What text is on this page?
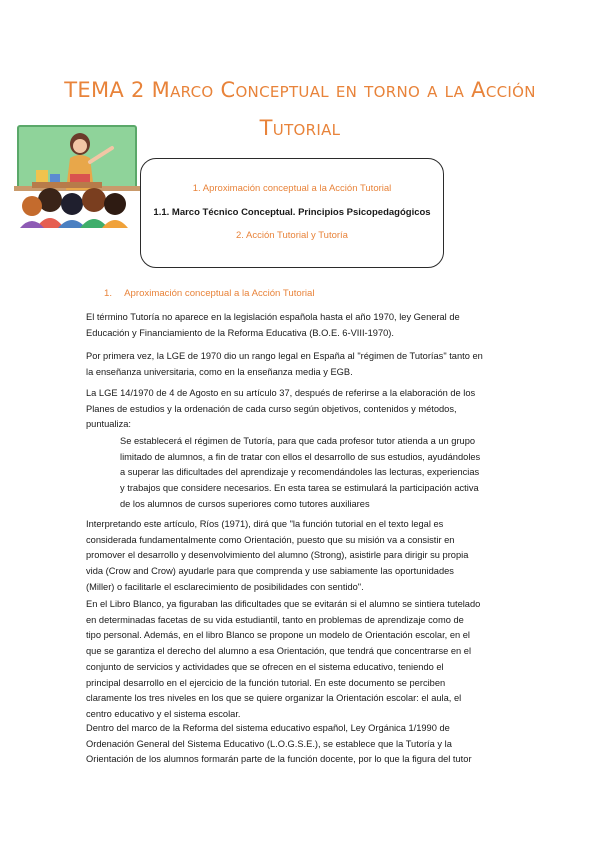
TEMA 2 Marco Conceptual en torno a la Acción
Tutorial
1. Aproximación conceptual a la Acción Tutorial
1.1. Marco Técnico Conceptual. Principios Psicopedagógicos
2. Acción Tutorial y Tutoría
1. Aproximación conceptual a la Acción Tutorial

El término Tutoría no aparece en la legislación española hasta el año 1970, ley General de
Educación y Financiamiento de la Reforma Educativa (B.O.E. 6-VIII-1970).

Por primera vez, la LGE de 1970 dio un rango legal en España al "régimen de Tutorías" tanto en
la enseñanza universitaria, como en la enseñanza media y EGB.

La LGE 14/1970 de 4 de Agosto en su artículo 37, después de referirse a la elaboración de los
Planes de estudios y la ordenación de cada curso según objetivos, contenidos y métodos,
puntualiza:

Se establecerá el régimen de Tutoría, para que cada profesor tutor atienda a un grupo
limitado de alumnos, a fin de tratar con ellos el desarrollo de sus estudios, ayudándoles
a superar las dificultades del aprendizaje y recomendándoles las lecturas, experiencias
y trabajos que considere necesarios. En esta tarea se estimulará la participación activa
de los alumnos de cursos superiores como tutores auxiliares

Interpretando este artículo, Ríos (1971), dirá que "la función tutorial en el texto legal es
considerada fundamentalmente como Orientación, puesto que su misión va a consistir en
promover el desarrollo y desenvolvimiento del alumno (Strong), asistirle para dirigir su propia
vida (Crow and Crow) ayudarle para que comprenda y use sabiamente las oportunidades
(Miller) o facilitarle el esclarecimiento de posibilidades con sentido".

En el Libro Blanco, ya figuraban las dificultades que se evitarán si el alumno se sintiera tutelado
en determinadas facetas de su vida estudiantil, tanto en problemas de aprendizaje como de
tipo personal. Además, en el libro Blanco se propone un modelo de Orientación escolar, en el
que se garantiza el derecho del alumno a esa Orientación, que tendrá que concentrarse en el
conjunto de servicios y actividades que se ofrecen en el sistema educativo, teniendo el
principal desarrollo en el ejercicio de la función tutorial. En este documento se perciben
claramente los tres niveles en los que se quiere organizar la Orientación escolar: el aula, el
centro educativo y el sistema escolar.

Dentro del marco de la Reforma del sistema educativo español, Ley Orgánica 1/1990 de
Ordenación General del Sistema Educativo (L.O.G.S.E.), se establece que la Tutoría y la
Orientación de los alumnos formarán parte de la función docente, por lo que la figura del tutor
